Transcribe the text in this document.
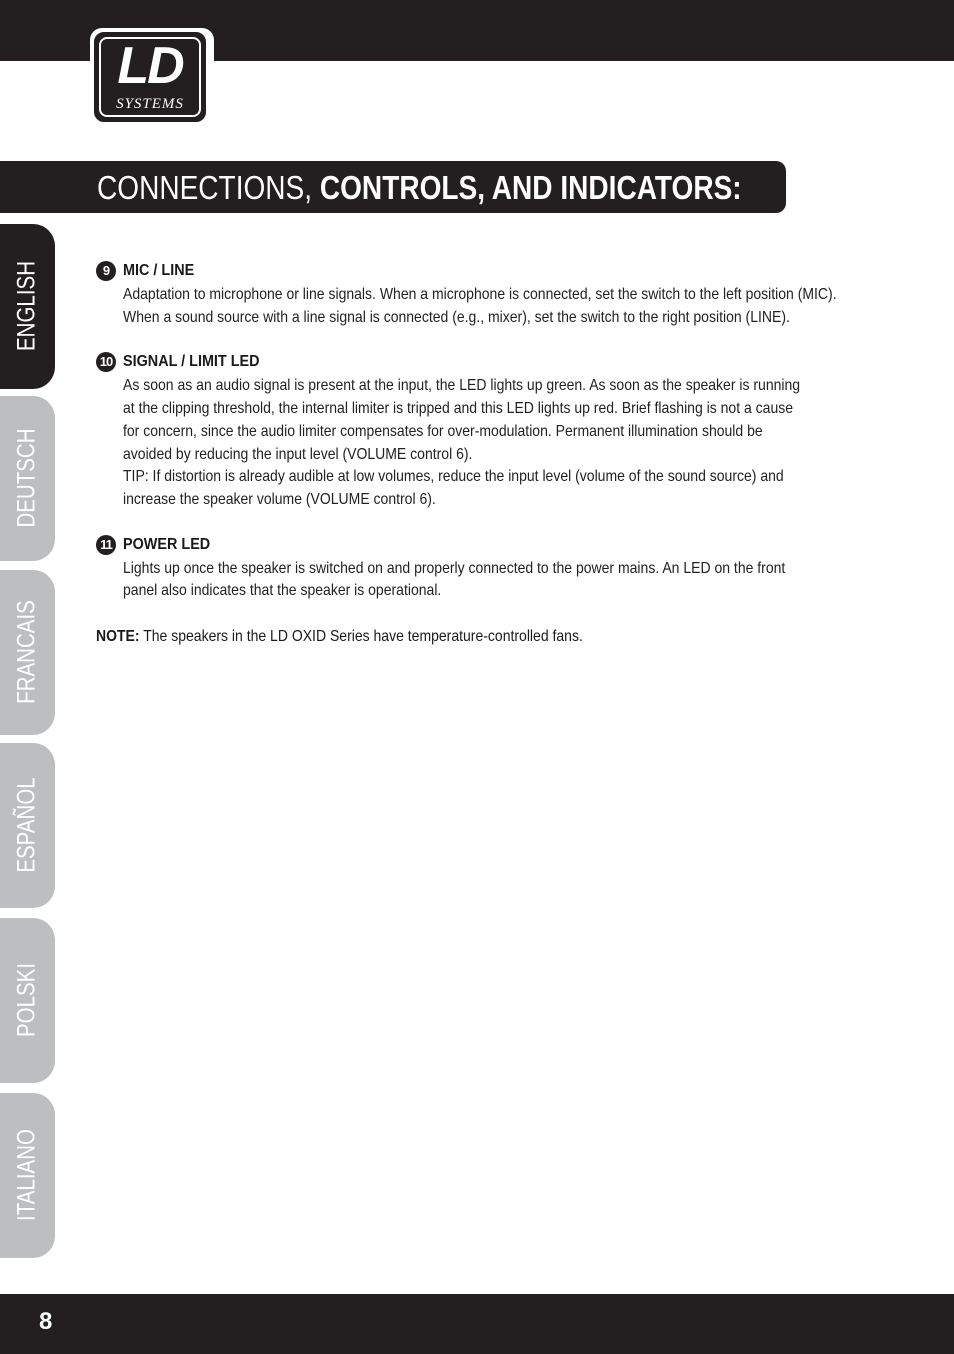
LD
SYSTEMS
CONNECTIONS, CONTROLS, AND INDICATORS:
ENGLISH
DEUTSCH
FRANCAIS
ESPAÑOL
POLSKI
ITALIANO
9 MIC / LINE

Adaptation to microphone or line signals. When a microphone is connected, set the switch to the left position (MIC).

When a sound source with a line signal is connected (e.g., mixer), set the switch to the right position (LINE).

10 SIGNAL / LIMIT LED

As soon as an audio signal is present at the input, the LED lights up green. As soon as the speaker is running

at the clipping threshold, the internal limiter is tripped and this LED lights up red. Brief flashing is not a cause

for concern, since the audio limiter compensates for over-modulation. Permanent illumination should be

avoided by reducing the input level (VOLUME control 6).

TIP: If distortion is already audible at low volumes, reduce the input level (volume of the sound source) and

increase the speaker volume (VOLUME control 6).

11 POWER LED

Lights up once the speaker is switched on and properly connected to the power mains. An LED on the front

panel also indicates that the speaker is operational.

NOTE: The speakers in the LD OXID Series have temperature-controlled fans.
8
